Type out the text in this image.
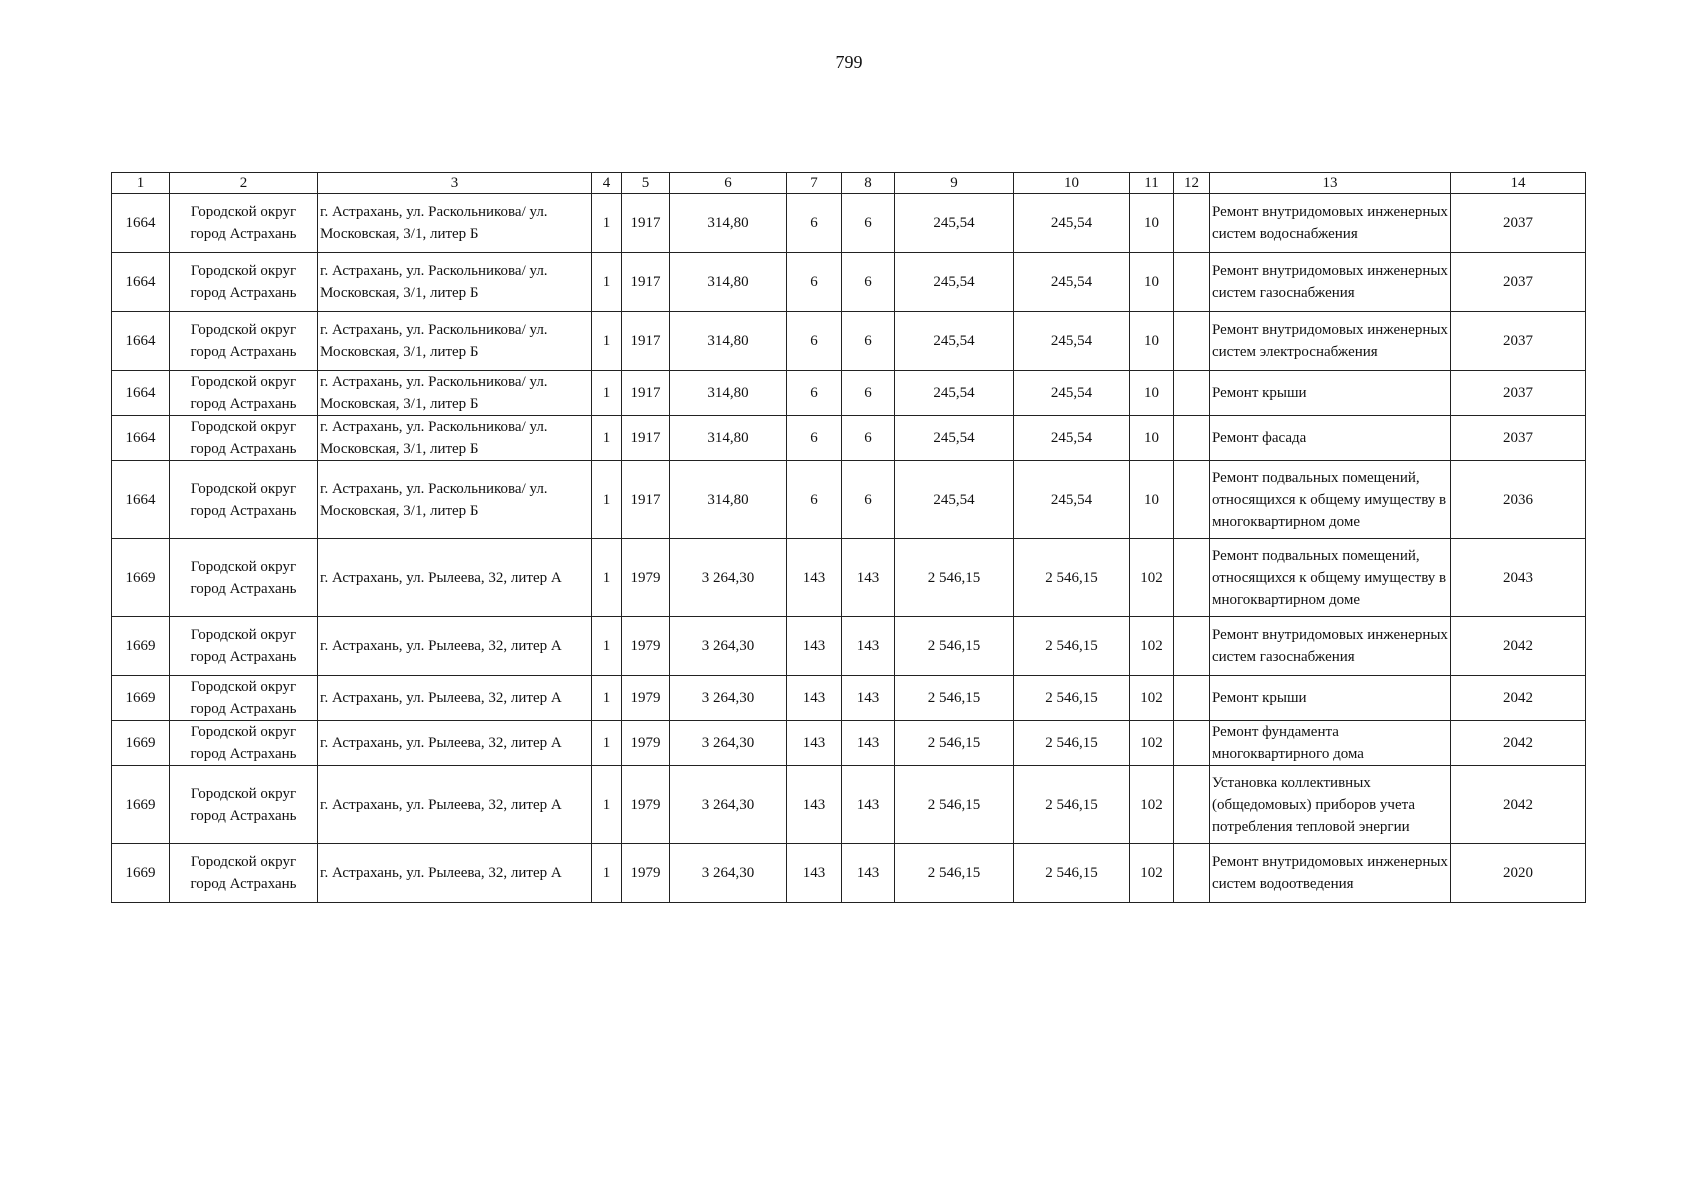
799
1	2	3	4	5	6	7	8	9	10	11	12	13	14
1664	Городской округ город Астрахань	г. Астрахань, ул. Раскольникова/ ул. Московская, 3/1, литер Б	1	1917	314,80	6	6	245,54	245,54	10		Ремонт внутридомовых инженерных систем водоснабжения	2037
1664	Городской округ город Астрахань	г. Астрахань, ул. Раскольникова/ ул. Московская, 3/1, литер Б	1	1917	314,80	6	6	245,54	245,54	10		Ремонт внутридомовых инженерных систем газоснабжения	2037
1664	Городской округ город Астрахань	г. Астрахань, ул. Раскольникова/ ул. Московская, 3/1, литер Б	1	1917	314,80	6	6	245,54	245,54	10		Ремонт внутридомовых инженерных систем электроснабжения	2037
1664	Городской округ город Астрахань	г. Астрахань, ул. Раскольникова/ ул. Московская, 3/1, литер Б	1	1917	314,80	6	6	245,54	245,54	10		Ремонт крыши	2037
1664	Городской округ город Астрахань	г. Астрахань, ул. Раскольникова/ ул. Московская, 3/1, литер Б	1	1917	314,80	6	6	245,54	245,54	10		Ремонт фасада	2037
1664	Городской округ город Астрахань	г. Астрахань, ул. Раскольникова/ ул. Московская, 3/1, литер Б	1	1917	314,80	6	6	245,54	245,54	10		Ремонт подвальных помещений, относящихся к общему имуществу в многоквартирном доме	2036
1669	Городской округ город Астрахань	г. Астрахань, ул. Рылеева, 32, литер А	1	1979	3 264,30	143	143	2 546,15	2 546,15	102		Ремонт подвальных помещений, относящихся к общему имуществу в многоквартирном доме	2043
1669	Городской округ город Астрахань	г. Астрахань, ул. Рылеева, 32, литер А	1	1979	3 264,30	143	143	2 546,15	2 546,15	102		Ремонт внутридомовых инженерных систем газоснабжения	2042
1669	Городской округ город Астрахань	г. Астрахань, ул. Рылеева, 32, литер А	1	1979	3 264,30	143	143	2 546,15	2 546,15	102		Ремонт крыши	2042
1669	Городской округ город Астрахань	г. Астрахань, ул. Рылеева, 32, литер А	1	1979	3 264,30	143	143	2 546,15	2 546,15	102		Ремонт фундамента многоквартирного дома	2042
1669	Городской округ город Астрахань	г. Астрахань, ул. Рылеева, 32, литер А	1	1979	3 264,30	143	143	2 546,15	2 546,15	102		Установка коллективных (общедомовых) приборов учета потребления тепловой энергии	2042
1669	Городской округ город Астрахань	г. Астрахань, ул. Рылеева, 32, литер А	1	1979	3 264,30	143	143	2 546,15	2 546,15	102		Ремонт внутридомовых инженерных систем водоотведения	2020
